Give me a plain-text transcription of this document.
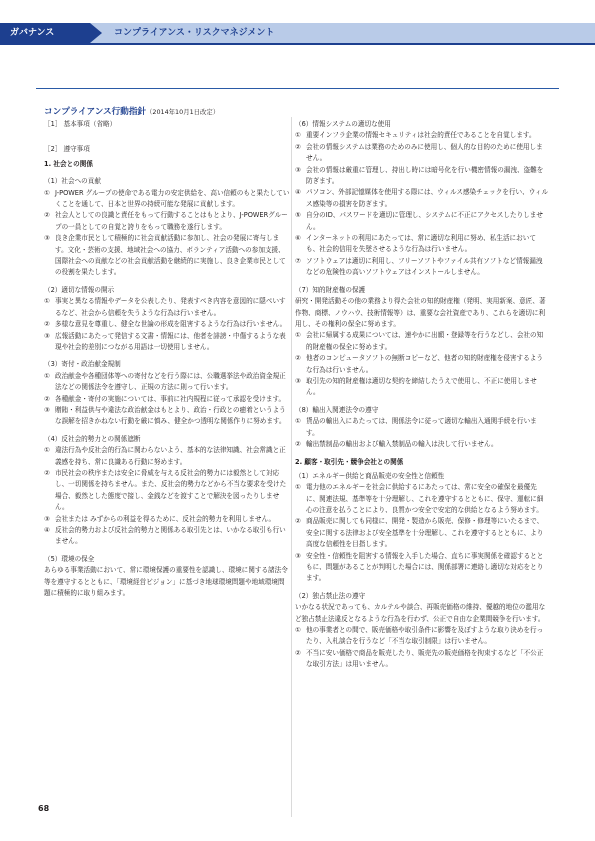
ガバナンス	コンプライアンス・リスクマネジメント
コンプライアンス行動指針（2014年10月1日改定）
［1］ 基本事項（省略）
［2］ 遵守事項
1. 社会との関係
（1）社会への貢献
① J-POWER グループの使命である電力の安定供給を、高い信頼のもと果たしていくことを通して、日本と世界の持続可能な発展に貢献します。
② 社会人としての良識と責任をもって行動することはもとより、J-POWERグループの一員としての自覚と誇りをもって職務を遂行します。
③ 良き企業市民として積極的に社会貢献活動に参加し、社会の発展に寄与します。文化・芸術の支援、地域社会への協力、ボランティア活動への参加支援、国際社会への貢献などの社会貢献活動を継続的に実施し、良き企業市民としての役割を果たします。
（2）適切な情報の開示
① 事実と異なる情報やデータを公表したり、発表すべき内容を意図的に隠ぺいするなど、社会から信頼を失うような行為は行いません。
② 多様な意見を尊重し、健全な世論の形成を阻害するような行為は行いません。
③ 広報活動にあたって発信する文書・情報には、他者を誹謗・中傷するような表現や社会的差別につながる用語は一切使用しません。
（3）寄付・政治献金規制
① 政治献金や各種団体等への寄付などを行う際には、公職選挙法や政治資金規正法などの関係法令を遵守し、正規の方法に則って行います。
② 各種献金・寄付の実施については、事前に社内規程に従って承認を受けます。
③ 贈賄・利益供与や違法な政治献金はもとより、政治・行政との癒着というような誤解を招きかねない行動を厳に慎み、健全かつ透明な関係作りに努めます。
（4）反社会的勢力との関係遮断
① 違法行為や反社会的行為に関わらないよう、基本的な法律知識、社会常識と正義感を持ち、常に良識ある行動に努めます。
② 市民社会の秩序または安全に脅威を与える反社会的勢力には毅然として対応し、一切関係を持ちません。また、反社会的勢力などから不当な要求を受けた場合、毅然とした態度で接し、金銭などを渡すことで解決を図ったりしません。
③ 会社または みずからの利益を得るために、反社会的勢力を利用しません。
④ 反社会的勢力および反社会的勢力と関係ある取引先とは、いかなる取引も行いません。
（5）環境の保全
あらゆる事業活動において、常に環境保護の重要性を認識し、環境に関する諸法令等を遵守するとともに、「環境経営ビジョン」に基づき地球環境問題や地域環境問題に積極的に取り組みます。
（6）情報システムの適切な使用
① 重要インフラ企業の情報セキュリティは社会的責任であることを自覚します。
② 会社の情報システムは業務のためのみに使用し、個人的な目的のために使用しません。
③ 会社の情報は厳重に管理し、持出し時には暗号化を行い機密情報の漏洩、盗難を防ぎます。
④ パソコン、外部記憶媒体を使用する際には、ウィルス感染チェックを行い、ウィルス感染等の損害を防ぎます。
⑤ 自分のID、パスワードを適切に管理し、システムに不正にアクセスしたりしません。
⑥ インターネットの利用にあたっては、常に適切な利用に努め、私生活においても、社会的信用を失墜させるような行為は行いません。
⑦ ソフトウェアは適切に利用し、フリーソフトやファイル共有ソフトなど情報漏洩などの危険性の高いソフトウェアはインストールしません。
（7）知的財産権の保護
研究・開発活動その他の業務より得た会社の知的財産権（発明、実用新案、意匠、著作物、商標、ノウハウ、技術情報等）は、重要な会社資産であり、これらを適切に利用し、その権利の保全に努めます。
① 会社に帰属する成果については、速やかに出願・登録等を行うなどし、会社の知的財産権の保全に努めます。
② 他者のコンピュータソフトの無断コピーなど、他者の知的財産権を侵害するような行為は行いません。
③ 取引先の知的財産権は適切な契約を締結したうえで使用し、不正に使用しません。
（8）輸出入関連法令の遵守
① 貨品の輸出入にあたっては、関係法令に従って適切な輸出入通関手続を行います。
② 輸出禁制品の輸出および輸入禁制品の輸入は決して行いません。
2. 顧客・取引先・競争会社との関係
（1）エネルギー供給と商品販売の安全性と信頼性
① 電力他のエネルギーを社会に供給するにあたっては、常に安全の確保を最優先に、関連法規、基準等を十分理解し、これを遵守するとともに、保守、運転に細心の注意を払うことにより、良質かつ安全で安定的な供給となるよう努めます。
② 商品販売に関しても同様に、開発・製造から販売、保修・修理等にいたるまで、安全に関する法律および安全基準を十分理解し、これを遵守するとともに、より高度な信頼性を目指します。
③ 安全性・信頼性を阻害する情報を入手した場合、直ちに事実関係を確認するとともに、問題があることが判明した場合には、関係部署に連絡し適切な対応をとります。
（2）独占禁止法の遵守
いかなる状況であっても、カルテルや談合、再販売価格の維持、優越的地位の濫用など独占禁止法違反となるような行為を行わず、公正で自由な企業間競争を行います。
① 他の事業者との間で、販売価格や取引条件に影響を及ぼすような取り決めを行ったり、入札談合を行うなど「不当な取引制限」は行いません。
② 不当に安い価格で商品を販売したり、販売先の販売価格を拘束するなど「不公正な取引方法」は用いません。
68
